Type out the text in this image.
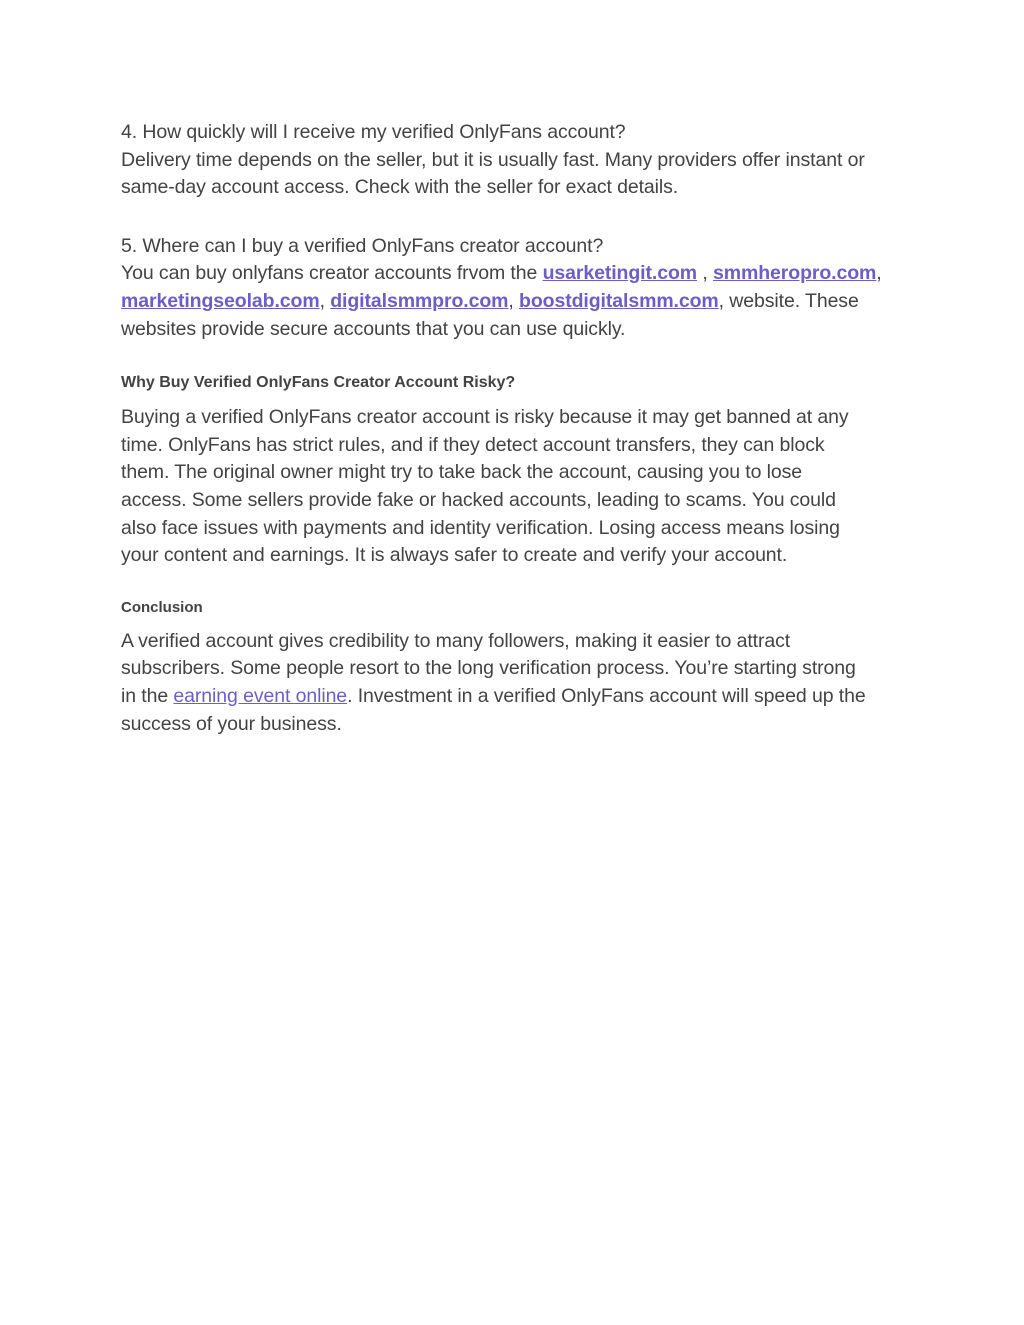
4. How quickly will I receive my verified OnlyFans account?

Delivery time depends on the seller, but it is usually fast. Many providers offer instant or
same-day account access. Check with the seller for exact details.

5. Where can I buy a verified OnlyFans creator account?

You can buy onlyfans creator accounts frvom the usarketingit.com , smmheropro.com,
marketingseolab.com, digitalsmmpro.com, boostdigitalsmm.com, website. These
websites provide secure accounts that you can use quickly.

Why Buy Verified OnlyFans Creator Account Risky?

Buying a verified OnlyFans creator account is risky because it may get banned at any
time. OnlyFans has strict rules, and if they detect account transfers, they can block
them. The original owner might try to take back the account, causing you to lose
access. Some sellers provide fake or hacked accounts, leading to scams. You could
also face issues with payments and identity verification. Losing access means losing
your content and earnings. It is always safer to create and verify your account.

Conclusion

A verified account gives credibility to many followers, making it easier to attract
subscribers. Some people resort to the long verification process. You’re starting strong
in the earning event online. Investment in a verified OnlyFans account will speed up the
success of your business.
